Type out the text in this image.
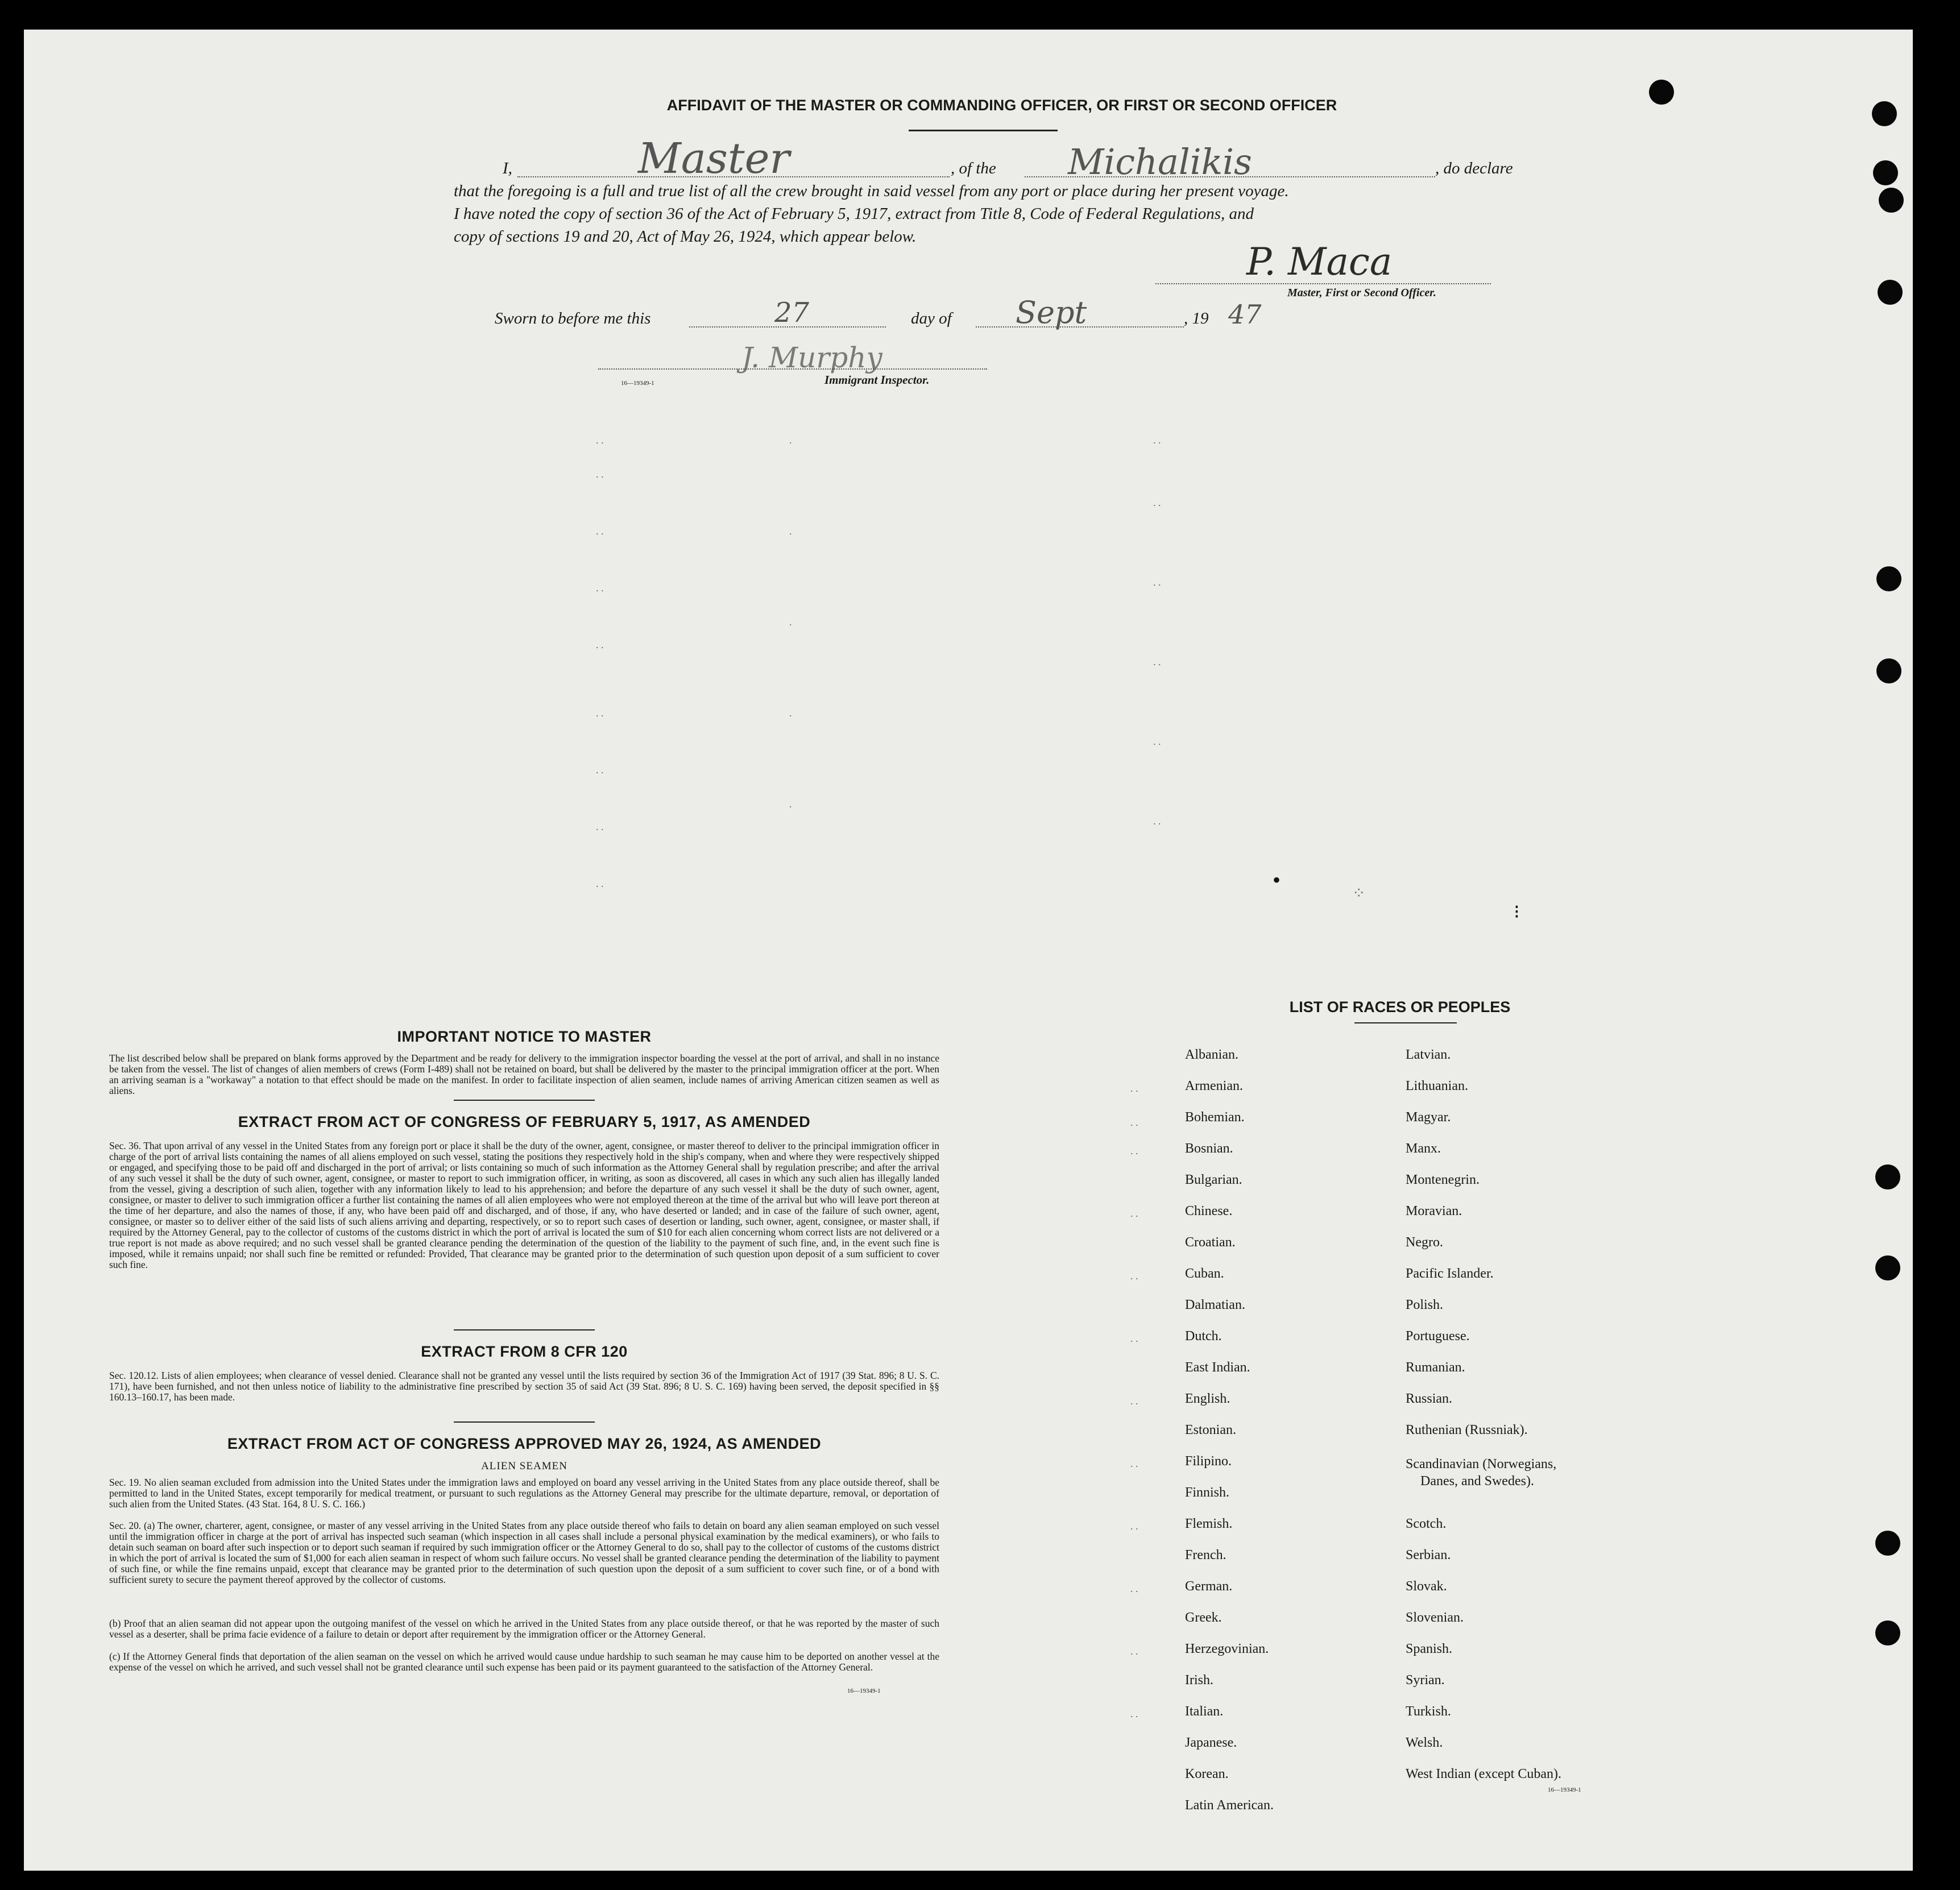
AFFIDAVIT OF THE MASTER OR COMMANDING OFFICER, OR FIRST OR SECOND OFFICER
I,	Master	, of the Michalikis	, do declare
that the foregoing is a full and true list of all the crew brought in said vessel from any port or place during her present voyage.
I have noted the copy of section 36 of the Act of February 5, 1917, extract from Title 8, Code of Federal Regulations, and
copy of sections 19 and 20, Act of May 26, 1924, which appear below.
P. Maca
Master, First or Second Officer.
Sworn to before me this	27	day of Sept	, 19 47
J. Murphy
16—19349-1	Immigrant Inspector.
. .
. .
. .
. .
. .
. .
. .
. .
. .
.
.
.
.
.
. .
. .
. .
. .
. .
. .
•
⁘
⁝
IMPORTANT NOTICE TO MASTER

The list described below shall be prepared on blank forms approved by the Department and be ready for delivery to the immigration inspector boarding the vessel at the port of arrival, and shall in no instance be taken from the vessel. The list of changes of alien members of crews (Form I-489) shall not be retained on board, but shall be delivered by the master to the principal immigration officer at the port. When an arriving seaman is a "workaway" a notation to that effect should be made on the manifest. In order to facilitate inspection of alien seamen, include names of arriving American citizen seamen as well as aliens.

EXTRACT FROM ACT OF CONGRESS OF FEBRUARY 5, 1917, AS AMENDED

Sec. 36. That upon arrival of any vessel in the United States from any foreign port or place it shall be the duty of the owner, agent, consignee, or master thereof to deliver to the principal immigration officer in charge of the port of arrival lists containing the names of all aliens employed on such vessel, stating the positions they respectively hold in the ship's company, when and where they were respectively shipped or engaged, and specifying those to be paid off and discharged in the port of arrival; or lists containing so much of such information as the Attorney General shall by regulation prescribe; and after the arrival of any such vessel it shall be the duty of such owner, agent, consignee, or master to report to such immigration officer, in writing, as soon as discovered, all cases in which any such alien has illegally landed from the vessel, giving a description of such alien, together with any information likely to lead to his apprehension; and before the departure of any such vessel it shall be the duty of such owner, agent, consignee, or master to deliver to such immigration officer a further list containing the names of all alien employees who were not employed thereon at the time of the arrival but who will leave port thereon at the time of her departure, and also the names of those, if any, who have been paid off and discharged, and of those, if any, who have deserted or landed; and in case of the failure of such owner, agent, consignee, or master so to deliver either of the said lists of such aliens arriving and departing, respectively, or so to report such cases of desertion or landing, such owner, agent, consignee, or master shall, if required by the Attorney General, pay to the collector of customs of the customs district in which the port of arrival is located the sum of $10 for each alien concerning whom correct lists are not delivered or a true report is not made as above required; and no such vessel shall be granted clearance pending the determination of the question of the liability to the payment of such fine, and, in the event such fine is imposed, while it remains unpaid; nor shall such fine be remitted or refunded: Provided, That clearance may be granted prior to the determination of such question upon deposit of a sum sufficient to cover such fine.

EXTRACT FROM 8 CFR 120

Sec. 120.12. Lists of alien employees; when clearance of vessel denied. Clearance shall not be granted any vessel until the lists required by section 36 of the Immigration Act of 1917 (39 Stat. 896; 8 U. S. C. 171), have been furnished, and not then unless notice of liability to the administrative fine prescribed by section 35 of said Act (39 Stat. 896; 8 U. S. C. 169) having been served, the deposit specified in §§ 160.13–160.17, has been made.

EXTRACT FROM ACT OF CONGRESS APPROVED MAY 26, 1924, AS AMENDED
ALIEN SEAMEN

Sec. 19. No alien seaman excluded from admission into the United States under the immigration laws and employed on board any vessel arriving in the United States from any place outside thereof, shall be permitted to land in the United States, except temporarily for medical treatment, or pursuant to such regulations as the Attorney General may prescribe for the ultimate departure, removal, or deportation of such alien from the United States. (43 Stat. 164, 8 U. S. C. 166.)

Sec. 20. (a) The owner, charterer, agent, consignee, or master of any vessel arriving in the United States from any place outside thereof who fails to detain on board any alien seaman employed on such vessel until the immigration officer in charge at the port of arrival has inspected such seaman (which inspection in all cases shall include a personal physical examination by the medical examiners), or who fails to detain such seaman on board after such inspection or to deport such seaman if required by such immigration officer or the Attorney General to do so, shall pay to the collector of customs of the customs district in which the port of arrival is located the sum of $1,000 for each alien seaman in respect of whom such failure occurs. No vessel shall be granted clearance pending the determination of the liability to payment of such fine, or while the fine remains unpaid, except that clearance may be granted prior to the determination of such question upon the deposit of a sum sufficient to cover such fine, or of a bond with sufficient surety to secure the payment thereof approved by the collector of customs.

(b) Proof that an alien seaman did not appear upon the outgoing manifest of the vessel on which he arrived in the United States from any place outside thereof, or that he was reported by the master of such vessel as a deserter, shall be prima facie evidence of a failure to detain or deport after requirement by the immigration officer or the Attorney General.

(c) If the Attorney General finds that deportation of the alien seaman on the vessel on which he arrived would cause undue hardship to such seaman he may cause him to be deported on another vessel at the expense of the vessel on which he arrived, and such vessel shall not be granted clearance until such expense has been paid or its payment guaranteed to the satisfaction of the Attorney General.

16—19349-1
LIST OF RACES OR PEOPLES
Albanian.
Armenian.
Bohemian.
Bosnian.
Bulgarian.
Chinese.
Croatian.
Cuban.
Dalmatian.
Dutch.
East Indian.
English.
Estonian.
Filipino.
Finnish.
Flemish.
French.
German.
Greek.
Herzegovinian.
Irish.
Italian.
Japanese.
Korean.
Latin American.
Latvian.
Lithuanian.
Magyar.
Manx.
Montenegrin.
Moravian.
Negro.
Pacific Islander.
Polish.
Portuguese.
Rumanian.
Russian.
Ruthenian (Russniak).
Scandinavian (Norwegians,
Danes, and Swedes).
Scotch.
Serbian.
Slovak.
Slovenian.
Spanish.
Syrian.
Turkish.
Welsh.
West Indian (except Cuban).
16—19349-1
. .
. .
. .
. .
. .
. .
. .
. .
. .
. .
. .
. .
